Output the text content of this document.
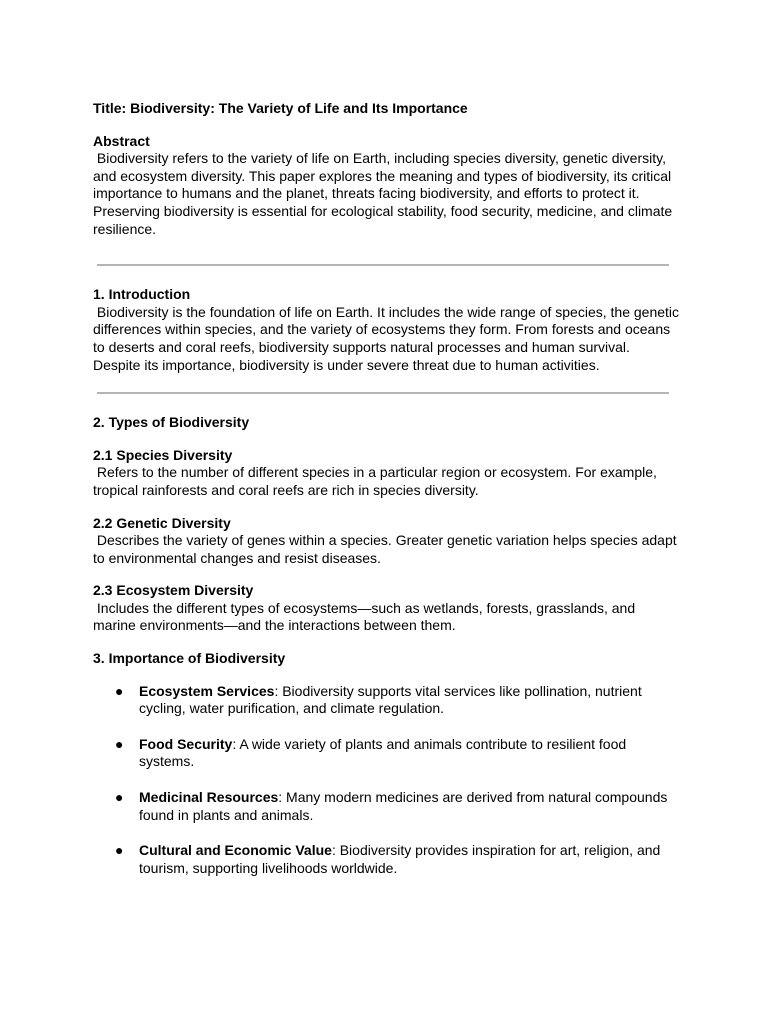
Title: Biodiversity: The Variety of Life and Its Importance

Abstract

Biodiversity refers to the variety of life on Earth, including species diversity, genetic diversity, and ecosystem diversity. This paper explores the meaning and types of biodiversity, its critical importance to humans and the planet, threats facing biodiversity, and efforts to protect it. Preserving biodiversity is essential for ecological stability, food security, medicine, and climate resilience.

1. Introduction

Biodiversity is the foundation of life on Earth. It includes the wide range of species, the genetic differences within species, and the variety of ecosystems they form. From forests and oceans to deserts and coral reefs, biodiversity supports natural processes and human survival. Despite its importance, biodiversity is under severe threat due to human activities.

2. Types of Biodiversity

2.1 Species Diversity

Refers to the number of different species in a particular region or ecosystem. For example, tropical rainforests and coral reefs are rich in species diversity.

2.2 Genetic Diversity

Describes the variety of genes within a species. Greater genetic variation helps species adapt to environmental changes and resist diseases.

2.3 Ecosystem Diversity

Includes the different types of ecosystems—such as wetlands, forests, grasslands, and marine environments—and the interactions between them.

3. Importance of Biodiversity

● Ecosystem Services: Biodiversity supports vital services like pollination, nutrient cycling, water purification, and climate regulation.
● Food Security: A wide variety of plants and animals contribute to resilient food systems.
● Medicinal Resources: Many modern medicines are derived from natural compounds found in plants and animals.
● Cultural and Economic Value: Biodiversity provides inspiration for art, religion, and tourism, supporting livelihoods worldwide.
